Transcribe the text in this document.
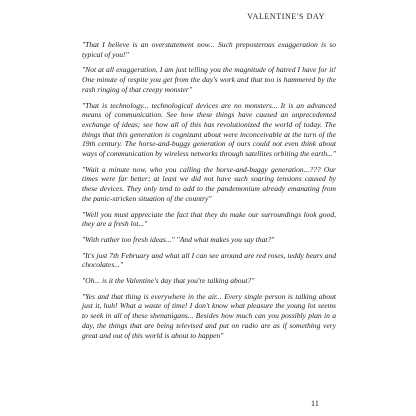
VALENTINE'S DAY

"That I believe is an overstatement now... Such preposterous exaggeration is so typical of you!"

"Not at all exaggeration, I am just telling you the magnitude of hatred I have for it! One minute of respite you get from the day's work and that too is hammered by the rash ringing of that creepy monster"

"That is technology... technological devices are no monsters... It is an advanced means of communication. See how these things have caused an unprecedented exchange of ideas; see how all of this has revolutionized the world of today. The things that this generation is cognizant about were inconceivable at the turn of the 19th century. The horse-and-buggy generation of ours could not even think about ways of communication by wireless networks through satellites orbiting the earth..."

"Wait a minute now, who you calling the horse-and-buggy generation...??? Our times were far better; at least we did not have such soaring tensions caused by these devices. They only tend to add to the pandemonium already emanating from the panic-stricken situation of the country"

"Well you must appreciate the fact that they do make our surroundings look good, they are a fresh lot..."

"With rather too fresh ideas..." "And what makes you say that?"

"It's just 7th February and what all I can see around are red roses, teddy bears and chocolates..."

"Oh... is it the Valentine's day that you're talking about?"

"Yes and that thing is everywhere in the air... Every single person is talking about just it, huh! What a waste of time! I don't know what pleasure the young lot seems to seek in all of these shenanigans... Besides how much can you possibly plan in a day, the things that are being televised and put on radio are as if something very great and out of this world is about to happen"

11
